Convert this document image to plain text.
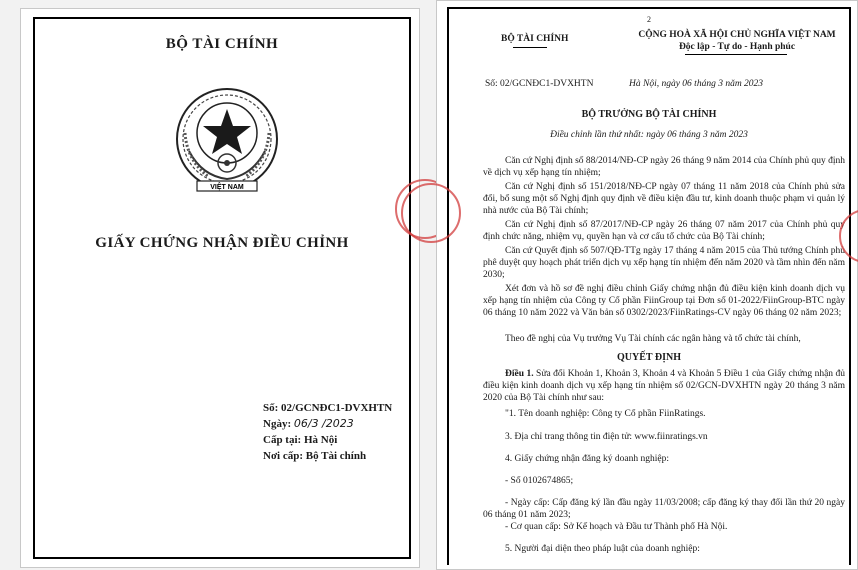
BỘ TÀI CHÍNH
VIỆT NAM
GIẤY CHỨNG NHẬN ĐIỀU CHỈNH
Số: 02/GCNĐC1-DVXHTN
Ngày: 06/3 /2023
Cấp tại: Hà Nội
Nơi cấp: Bộ Tài chính
2
BỘ TÀI CHÍNH	CỘNG HOÀ XÃ HỘI CHỦ NGHĨA VIỆT NAM
Độc lập - Tự do - Hạnh phúc
Số: 02/GCNĐC1-DVXHTN	Hà Nội, ngày 06 tháng 3 năm 2023
BỘ TRƯỞNG BỘ TÀI CHÍNH
Điều chỉnh lần thứ nhất: ngày 06 tháng 3 năm 2023
Căn cứ Nghị định số 88/2014/NĐ-CP ngày 26 tháng 9 năm 2014 của Chính phủ quy định về dịch vụ xếp hạng tín nhiệm;
Căn cứ Nghị định số 151/2018/NĐ-CP ngày 07 tháng 11 năm 2018 của Chính phủ sửa đổi, bổ sung một số Nghị định quy định về điều kiện đầu tư, kinh doanh thuộc phạm vi quản lý nhà nước của Bộ Tài chính;
Căn cứ Nghị định số 87/2017/NĐ-CP ngày 26 tháng 07 năm 2017 của Chính phủ quy định chức năng, nhiệm vụ, quyền hạn và cơ cấu tổ chức của Bộ Tài chính;
Căn cứ Quyết định số 507/QĐ-TTg ngày 17 tháng 4 năm 2015 của Thủ tướng Chính phủ phê duyệt quy hoạch phát triển dịch vụ xếp hạng tín nhiệm đến năm 2020 và tầm nhìn đến năm 2030;
Xét đơn và hồ sơ đề nghị điều chỉnh Giấy chứng nhận đủ điều kiện kinh doanh dịch vụ xếp hạng tín nhiệm của Công ty Cổ phần FiinGroup tại Đơn số 01-2022/FiinGroup-BTC ngày 06 tháng 10 năm 2022 và Văn bản số 0302/2023/FiinRatings-CV ngày 06 tháng 02 năm 2023;
Theo đề nghị của Vụ trưởng Vụ Tài chính các ngân hàng và tổ chức tài chính,
QUYẾT ĐỊNH
Điều 1. Sửa đổi Khoản 1, Khoản 3, Khoản 4 và Khoản 5 Điều 1 của Giấy chứng nhận đủ điều kiện kinh doanh dịch vụ xếp hạng tín nhiệm số 02/GCN-DVXHTN ngày 20 tháng 3 năm 2020 của Bộ Tài chính như sau:
"1. Tên doanh nghiệp: Công ty Cổ phần FiinRatings.
3. Địa chỉ trang thông tin điện tử: www.fiinratings.vn
4. Giấy chứng nhận đăng ký doanh nghiệp:
- Số 0102674865;
- Ngày cấp: Cấp đăng ký lần đầu ngày 11/03/2008; cấp đăng ký thay đổi lần thứ 20 ngày 06 tháng 01 năm 2023;
- Cơ quan cấp: Sở Kế hoạch và Đầu tư Thành phố Hà Nội.
5. Người đại diện theo pháp luật của doanh nghiệp:
